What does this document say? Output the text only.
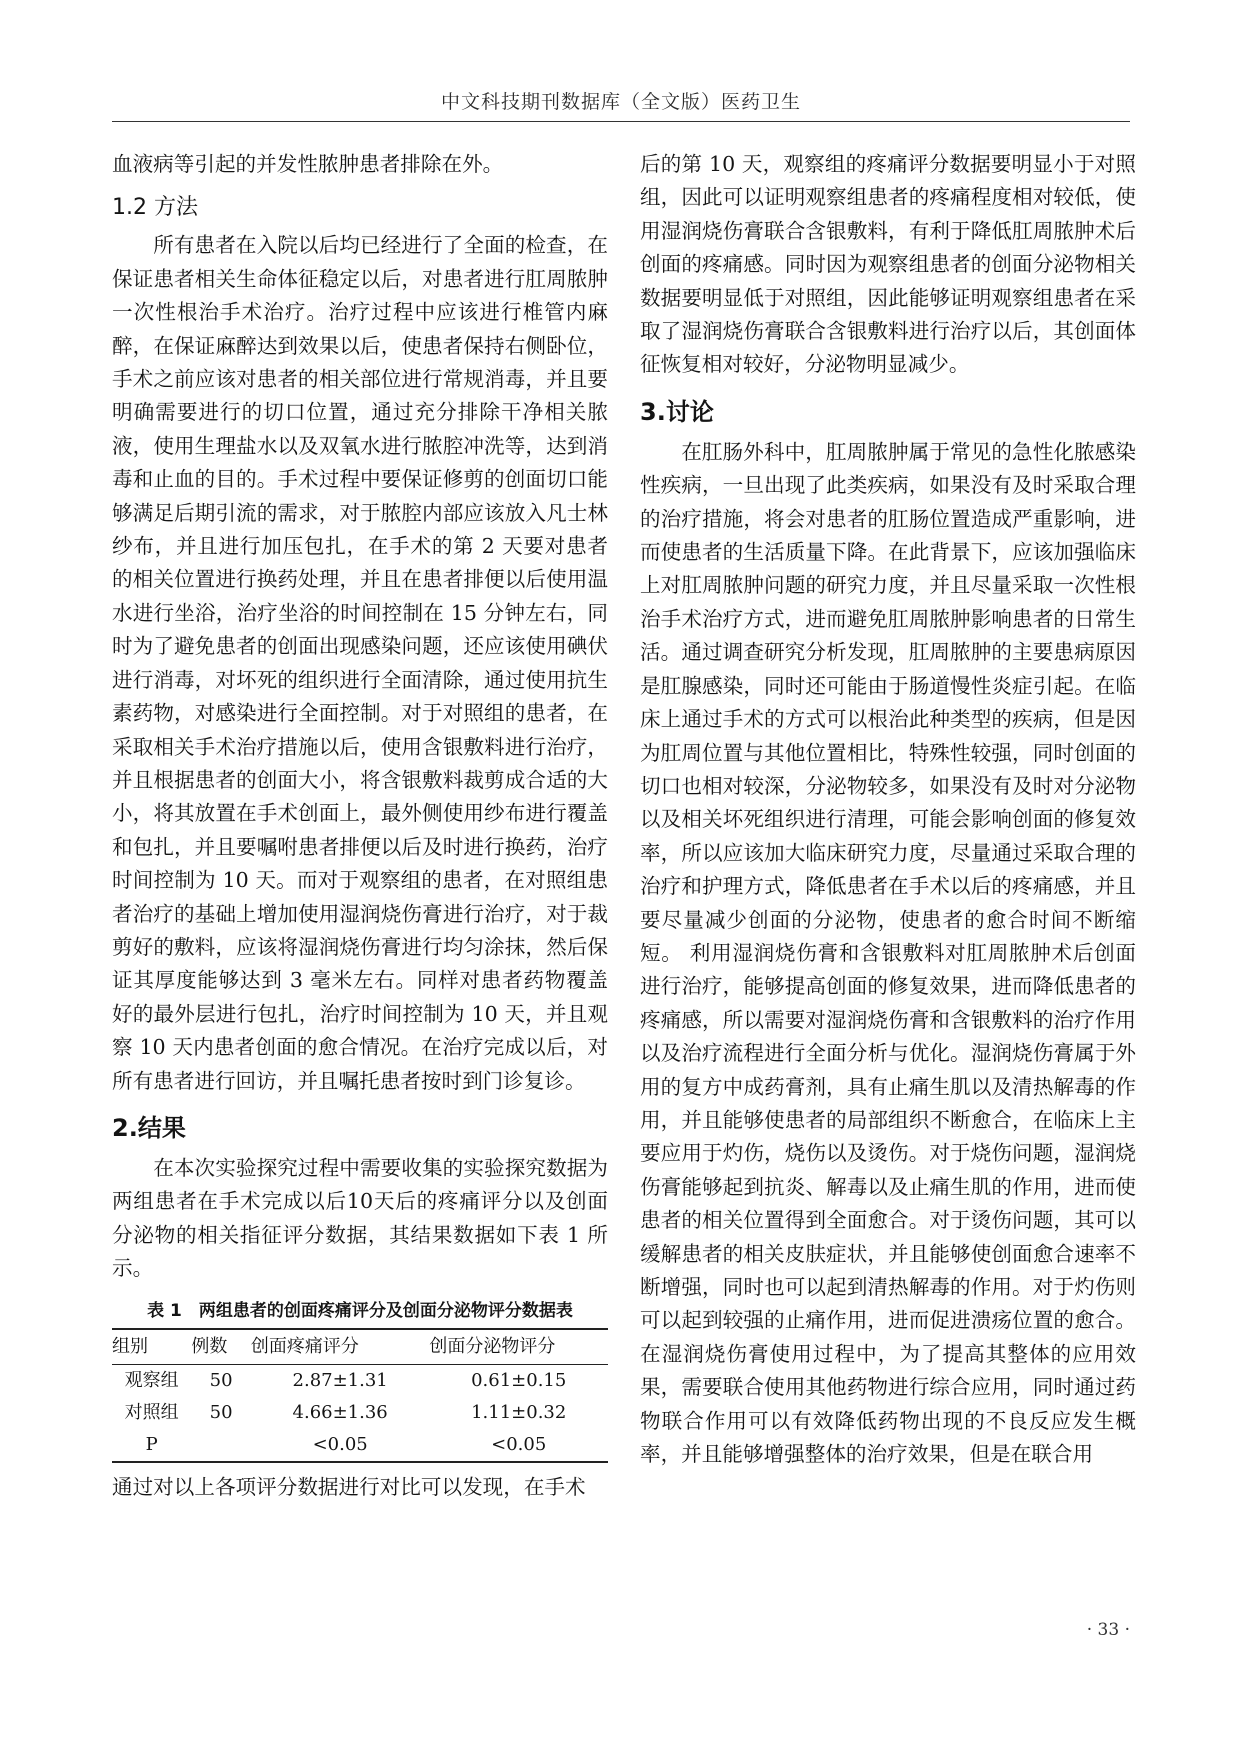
中文科技期刊数据库（全文版）医药卫生

血液病等引起的并发性脓肿患者排除在外。

1.2 方法

所有患者在入院以后均已经进行了全面的检查，在保证患者相关生命体征稳定以后，对患者进行肛周脓肿一次性根治手术治疗。治疗过程中应该进行椎管内麻醉，在保证麻醉达到效果以后，使患者保持右侧卧位，手术之前应该对患者的相关部位进行常规消毒，并且要明确需要进行的切口位置，通过充分排除干净相关脓液，使用生理盐水以及双氧水进行脓腔冲洗等，达到消毒和止血的目的。手术过程中要保证修剪的创面切口能够满足后期引流的需求，对于脓腔内部应该放入凡士林纱布，并且进行加压包扎，在手术的第 2 天要对患者的相关位置进行换药处理，并且在患者排便以后使用温水进行坐浴，治疗坐浴的时间控制在 15 分钟左右，同时为了避免患者的创面出现感染问题，还应该使用碘伏进行消毒，对坏死的组织进行全面清除，通过使用抗生素药物，对感染进行全面控制。对于对照组的患者，在采取相关手术治疗措施以后，使用含银敷料进行治疗，并且根据患者的创面大小，将含银敷料裁剪成合适的大小，将其放置在手术创面上，最外侧使用纱布进行覆盖和包扎，并且要嘱咐患者排便以后及时进行换药，治疗时间控制为 10 天。而对于观察组的患者，在对照组患者治疗的基础上增加使用湿润烧伤膏进行治疗，对于裁剪好的敷料，应该将湿润烧伤膏进行均匀涂抹，然后保证其厚度能够达到 3 毫米左右。同样对患者药物覆盖好的最外层进行包扎，治疗时间控制为 10 天，并且观察 10 天内患者创面的愈合情况。在治疗完成以后，对所有患者进行回访，并且嘱托患者按时到门诊复诊。

2.结果

在本次实验探究过程中需要收集的实验探究数据为两组患者在手术完成以后10天后的疼痛评分以及创面分泌物的相关指征评分数据，其结果数据如下表 1 所示。

表 1　两组患者的创面疼痛评分及创面分泌物评分数据表
组别	例数	创面疼痛评分	创面分泌物评分
观察组	50	2.87±1.31	0.61±0.15
对照组	50	4.66±1.36	1.11±0.32
P		<0.05	<0.05

通过对以上各项评分数据进行对比可以发现，在手术

后的第 10 天，观察组的疼痛评分数据要明显小于对照组，因此可以证明观察组患者的疼痛程度相对较低，使用湿润烧伤膏联合含银敷料，有利于降低肛周脓肿术后创面的疼痛感。同时因为观察组患者的创面分泌物相关数据要明显低于对照组，因此能够证明观察组患者在采取了湿润烧伤膏联合含银敷料进行治疗以后，其创面体征恢复相对较好，分泌物明显减少。

3.讨论

在肛肠外科中，肛周脓肿属于常见的急性化脓感染性疾病，一旦出现了此类疾病，如果没有及时采取合理的治疗措施，将会对患者的肛肠位置造成严重影响，进而使患者的生活质量下降。在此背景下，应该加强临床上对肛周脓肿问题的研究力度，并且尽量采取一次性根治手术治疗方式，进而避免肛周脓肿影响患者的日常生活。通过调查研究分析发现，肛周脓肿的主要患病原因是肛腺感染，同时还可能由于肠道慢性炎症引起。在临床上通过手术的方式可以根治此种类型的疾病，但是因为肛周位置与其他位置相比，特殊性较强，同时创面的切口也相对较深，分泌物较多，如果没有及时对分泌物以及相关坏死组织进行清理，可能会影响创面的修复效率，所以应该加大临床研究力度，尽量通过采取合理的治疗和护理方式，降低患者在手术以后的疼痛感，并且要尽量减少创面的分泌物，使患者的愈合时间不断缩短。 利用湿润烧伤膏和含银敷料对肛周脓肿术后创面进行治疗，能够提高创面的修复效果，进而降低患者的疼痛感，所以需要对湿润烧伤膏和含银敷料的治疗作用以及治疗流程进行全面分析与优化。湿润烧伤膏属于外用的复方中成药膏剂，具有止痛生肌以及清热解毒的作用，并且能够使患者的局部组织不断愈合，在临床上主要应用于灼伤，烧伤以及烫伤。对于烧伤问题，湿润烧伤膏能够起到抗炎、解毒以及止痛生肌的作用，进而使患者的相关位置得到全面愈合。对于烫伤问题，其可以缓解患者的相关皮肤症状，并且能够使创面愈合速率不断增强，同时也可以起到清热解毒的作用。对于灼伤则可以起到较强的止痛作用，进而促进溃疡位置的愈合。在湿润烧伤膏使用过程中，为了提高其整体的应用效果，需要联合使用其他药物进行综合应用，同时通过药物联合作用可以有效降低药物出现的不良反应发生概率，并且能够增强整体的治疗效果，但是在联合用

· 33 ·
